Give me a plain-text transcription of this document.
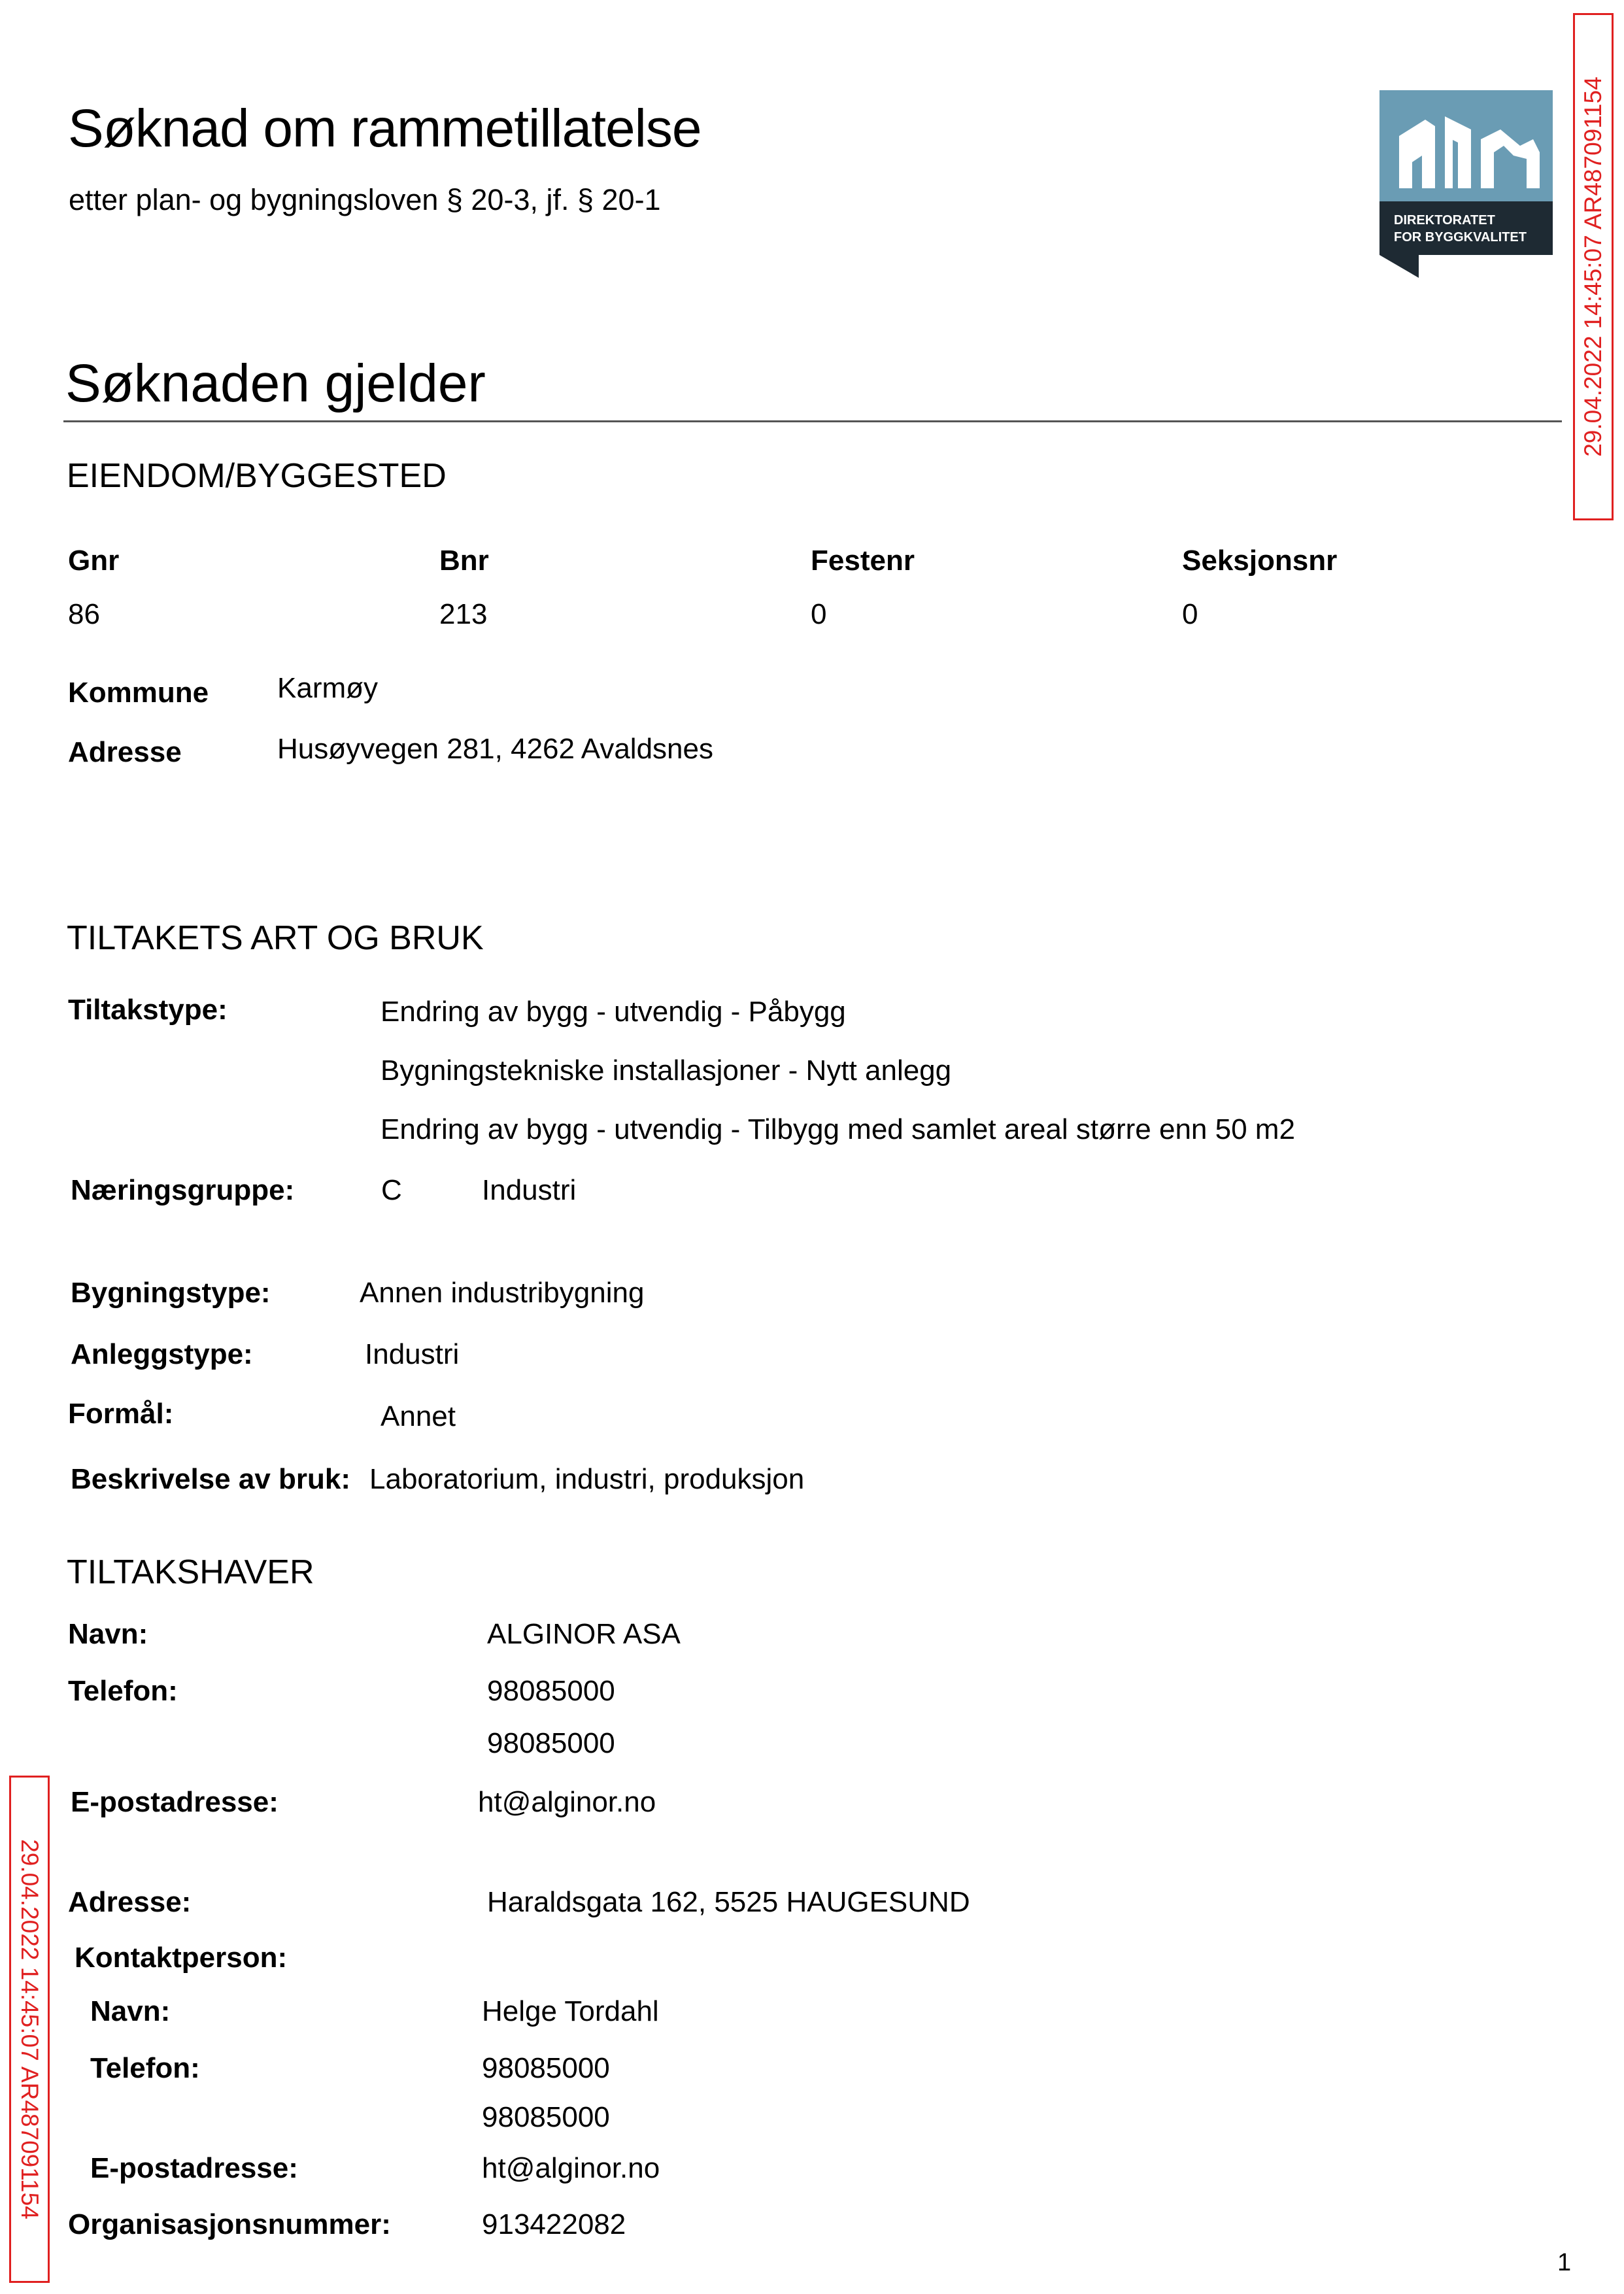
Søknad om rammetillatelse
etter plan- og bygningsloven § 20-3, jf. § 20-1
DIREKTORATET
FOR BYGGKVALITET 29.04.2022 14:45:07 AR487091154
29.04.2022 14:45:07 AR487091154
Søknaden gjelder
EIENDOM/BYGGESTED
Gnr	Bnr	Festenr	Seksjonsnr
86	213	0	0
Kommune Karmøy
Adresse	Husøyvegen 281, 4262 Avaldsnes
TILTAKETS ART OG BRUK
Tiltakstype:	Endring av bygg - utvendig - Påbygg
Bygningstekniske installasjoner - Nytt anlegg
Endring av bygg - utvendig - Tilbygg med samlet areal større enn 50 m2
Næringsgruppe:	C	Industri
Bygningstype:	Annen industribygning
Anleggstype:	Industri
Formål:	Annet
Beskrivelse av bruk: Laboratorium, industri, produksjon
TILTAKSHAVER
Navn:	ALGINOR ASA
Telefon:	98085000
98085000
E-postadresse:	ht@alginor.no
Adresse:	Haraldsgata 162, 5525 HAUGESUND
Kontaktperson:
Navn:	Helge Tordahl
Telefon:	98085000
98085000
E-postadresse:	ht@alginor.no
Organisasjonsnummer:	913422082
1
